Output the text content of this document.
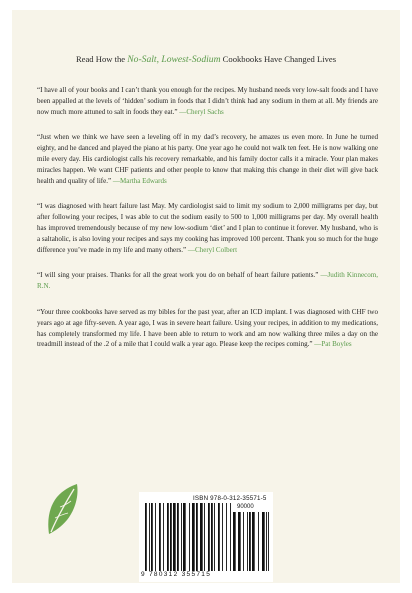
Read How the No-Salt, Lowest-Sodium Cookbooks Have Changed Lives

“I have all of your books and I can’t thank you enough for the recipes. My husband needs very low-salt foods and I have been appalled at the levels of ‘hidden’ sodium in foods that I didn’t think had any sodium in them at all. My friends are now much more attuned to salt in foods they eat.” —Cheryl Sachs

“Just when we think we have seen a leveling off in my dad’s recovery, he amazes us even more. In June he turned eighty, and he danced and played the piano at his party. One year ago he could not walk ten feet. He is now walking one mile every day. His cardiologist calls his recovery remarkable, and his family doctor calls it a miracle. Your plan makes miracles happen. We want CHF patients and other people to know that making this change in their diet will give back health and quality of life.” —Martha Edwards

“I was diagnosed with heart failure last May. My cardiologist said to limit my sodium to 2,000 milligrams per day, but after following your recipes, I was able to cut the sodium easily to 500 to 1,000 milligrams per day. My overall health has improved tremendously because of my new low-sodium ‘diet’ and I plan to continue it forever. My husband, who is a saltaholic, is also loving your recipes and says my cooking has improved 100 percent. Thank you so much for the huge difference you’ve made in my life and many others.” —Cheryl Colbert

“I will sing your praises. Thanks for all the great work you do on behalf of heart failure patients.” —Judith Kinnecom, R.N.

“Your three cookbooks have served as my bibles for the past year, after an ICD implant. I was diagnosed with CHF two years ago at age fifty-seven. A year ago, I was in severe heart failure. Using your recipes, in addition to my medications, has completely transformed my life. I have been able to return to work and am now walking three miles a day on the treadmill instead of the .2 of a mile that I could walk a year ago. Please keep the recipes coming.” —Pat Boyles

ISBN 978-0-312-35571-5
90000
9 780312 355715
